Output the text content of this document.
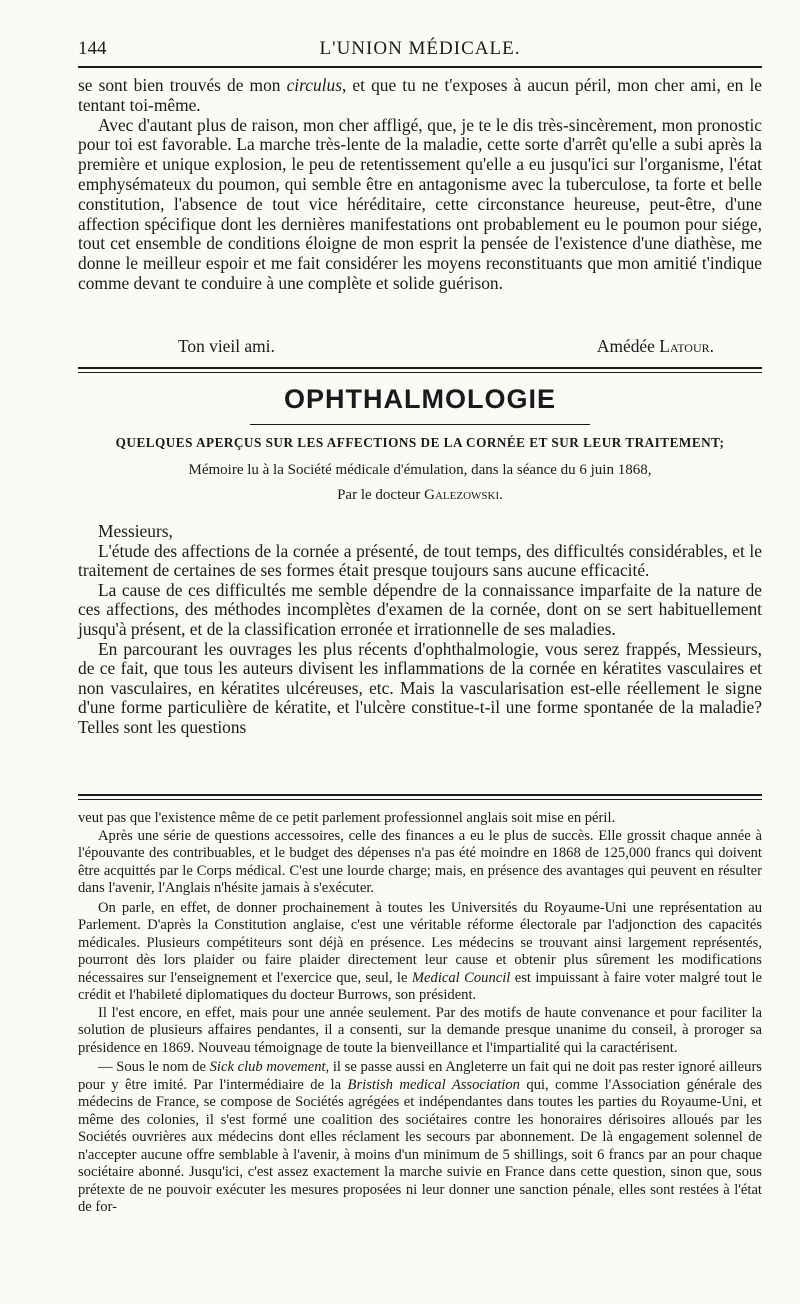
144	L'UNION MÉDICALE.

se sont bien trouvés de mon circulus, et que tu ne t'exposes à aucun péril, mon cher ami, en le tentant toi-même.

Avec d'autant plus de raison, mon cher affligé, que, je te le dis très-sincèrement, mon pronostic pour toi est favorable. La marche très-lente de la maladie, cette sorte d'arrêt qu'elle a subi après la première et unique explosion, le peu de retentissement qu'elle a eu jusqu'ici sur l'organisme, l'état emphysémateux du poumon, qui semble être en antagonisme avec la tuberculose, ta forte et belle constitution, l'absence de tout vice héréditaire, cette circonstance heureuse, peut-être, d'une affection spécifique dont les dernières manifestations ont probablement eu le poumon pour siége, tout cet ensemble de conditions éloigne de mon esprit la pensée de l'existence d'une diathèse, me donne le meilleur espoir et me fait considérer les moyens reconstituants que mon amitié t'indique comme devant te conduire à une complète et solide guérison.

Ton vieil ami.	Amédée Latour.
OPHTHALMOLOGIE
QUELQUES APERÇUS SUR LES AFFECTIONS DE LA CORNÉE ET SUR LEUR TRAITEMENT;
Mémoire lu à la Société médicale d'émulation, dans la séance du 6 juin 1868,
Par le docteur Galezowski.

Messieurs,

L'étude des affections de la cornée a présenté, de tout temps, des difficultés considérables, et le traitement de certaines de ses formes était presque toujours sans aucune efficacité.

La cause de ces difficultés me semble dépendre de la connaissance imparfaite de la nature de ces affections, des méthodes incomplètes d'examen de la cornée, dont on se sert habituellement jusqu'à présent, et de la classification erronée et irrationnelle de ses maladies.

En parcourant les ouvrages les plus récents d'ophthalmologie, vous serez frappés, Messieurs, de ce fait, que tous les auteurs divisent les inflammations de la cornée en kératites vasculaires et non vasculaires, en kératites ulcéreuses, etc. Mais la vascularisation est-elle réellement le signe d'une forme particulière de kératite, et l'ulcère constitue-t-il une forme spontanée de la maladie? Telles sont les questions

veut pas que l'existence même de ce petit parlement professionnel anglais soit mise en péril.

Après une série de questions accessoires, celle des finances a eu le plus de succès. Elle grossit chaque année à l'épouvante des contribuables, et le budget des dépenses n'a pas été moindre en 1868 de 125,000 francs qui doivent être acquittés par le Corps médical. C'est une lourde charge; mais, en présence des avantages qui peuvent en résulter dans l'avenir, l'Anglais n'hésite jamais à s'exécuter.

On parle, en effet, de donner prochainement à toutes les Universités du Royaume-Uni une représentation au Parlement. D'après la Constitution anglaise, c'est une véritable réforme électorale par l'adjonction des capacités médicales. Plusieurs compétiteurs sont déjà en présence. Les médecins se trouvant ainsi largement représentés, pourront dès lors plaider ou faire plaider directement leur cause et obtenir plus sûrement les modifications nécessaires sur l'enseignement et l'exercice que, seul, le Medical Council est impuissant à faire voter malgré tout le crédit et l'habileté diplomatiques du docteur Burrows, son président.

Il l'est encore, en effet, mais pour une année seulement. Par des motifs de haute convenance et pour faciliter la solution de plusieurs affaires pendantes, il a consenti, sur la demande presque unanime du conseil, à proroger sa présidence en 1869. Nouveau témoignage de toute la bienveillance et l'impartialité qui la caractérisent.

— Sous le nom de Sick club movement, il se passe aussi en Angleterre un fait qui ne doit pas rester ignoré ailleurs pour y être imité. Par l'intermédiaire de la Bristish medical Association qui, comme l'Association générale des médecins de France, se compose de Sociétés agrégées et indépendantes dans toutes les parties du Royaume-Uni, et même des colonies, il s'est formé une coalition des sociétaires contre les honoraires dérisoires alloués par les Sociétés ouvrières aux médecins dont elles réclament les secours par abonnement. De là engagement solennel de n'accepter aucune offre semblable à l'avenir, à moins d'un minimum de 5 shillings, soit 6 francs par an pour chaque sociétaire abonné. Jusqu'ici, c'est assez exactement la marche suivie en France dans cette question, sinon que, sous prétexte de ne pouvoir exécuter les mesures proposées ni leur donner une sanction pénale, elles sont restées à l'état de for-
